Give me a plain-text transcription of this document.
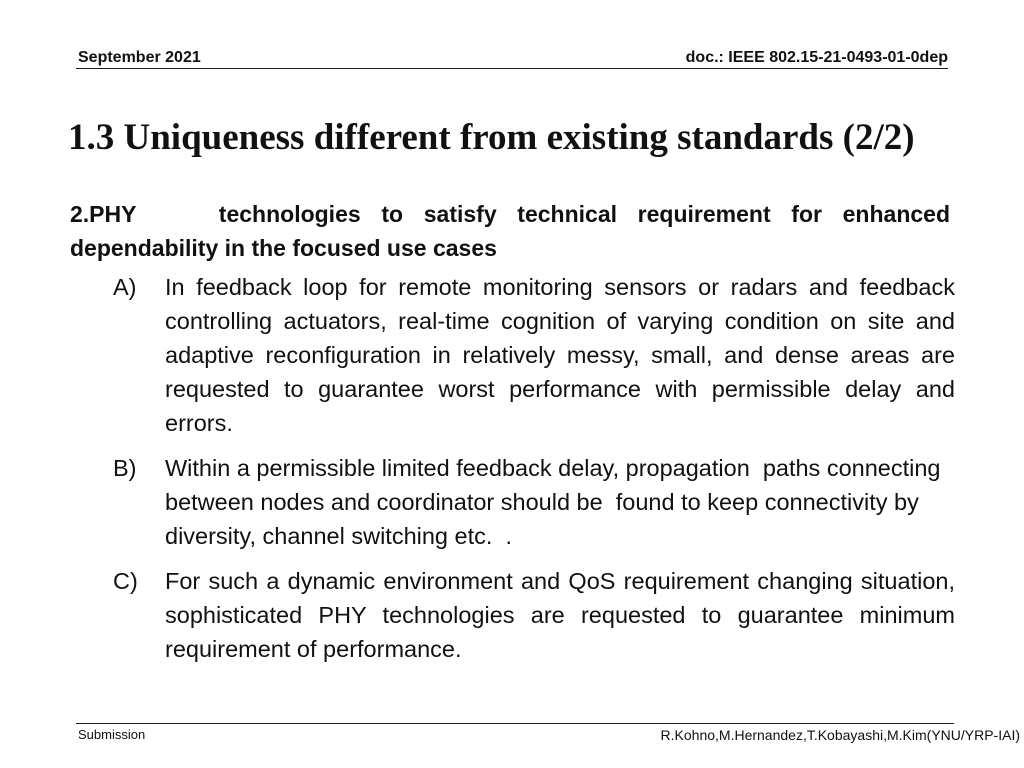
September 2021	doc.: IEEE 802.15-21-0493-01-0dep
1.3 Uniqueness different from existing standards (2/2)
2.PHY    technologies to satisfy technical requirement for enhanced dependability in the focused use cases
A)	In feedback loop for remote monitoring sensors or radars and feedback controlling actuators, real-time cognition of varying condition on site and adaptive reconfiguration in relatively messy, small, and dense areas are requested to guarantee worst performance with permissible delay and errors.
B)	Within a permissible limited feedback delay, propagation  paths connecting between nodes and coordinator should be  found to keep connectivity by diversity, channel switching etc.  .
C)	For such a dynamic environment and QoS requirement changing situation, sophisticated PHY technologies are requested to guarantee minimum requirement of performance.
Submission	R.Kohno,M.Hernandez,T.Kobayashi,M.Kim(YNU/YRP-IAI)
